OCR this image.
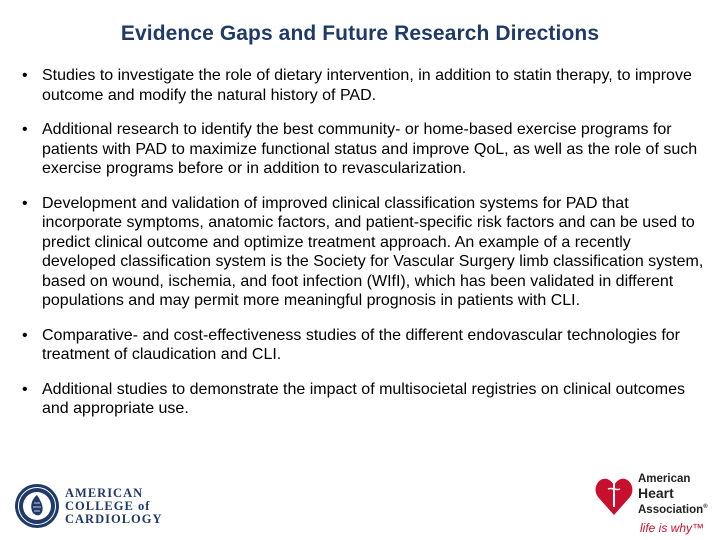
Evidence Gaps and Future Research Directions
• Studies to investigate the role of dietary intervention, in addition to statin therapy, to improve outcome and modify the natural history of PAD.
• Additional research to identify the best community- or home-based exercise programs for patients with PAD to maximize functional status and improve QoL, as well as the role of such exercise programs before or in addition to revascularization.
• Development and validation of improved clinical classification systems for PAD that incorporate symptoms, anatomic factors, and patient-specific risk factors and can be used to predict clinical outcome and optimize treatment approach. An example of a recently developed classification system is the Society for Vascular Surgery limb classification system, based on wound, ischemia, and foot infection (WIfI), which has been validated in different populations and may permit more meaningful prognosis in patients with CLI.
• Comparative- and cost-effectiveness studies of the different endovascular technologies for treatment of claudication and CLI.
• Additional studies to demonstrate the impact of multisocietal registries on clinical outcomes and appropriate use.
AMERICAN
COLLEGE of
CARDIOLOGY
American
Heart
Association®
life is why™
